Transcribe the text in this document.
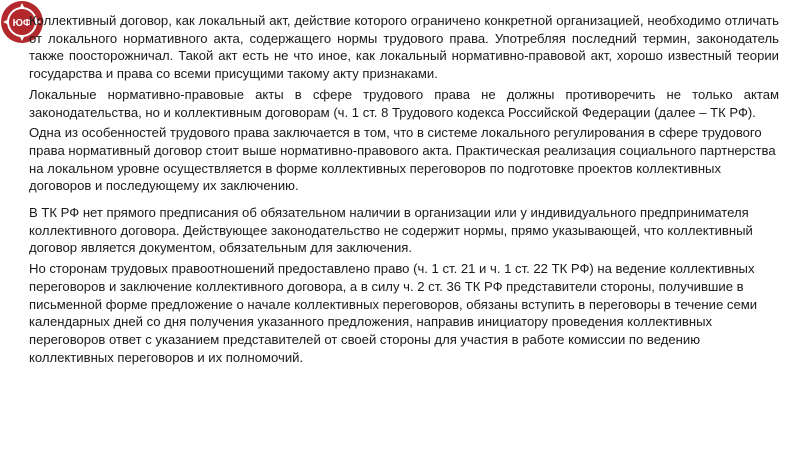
ЮФ

Коллективный договор, как локальный акт, действие которого ограничено конкретной организацией, необходимо отличать от локального нормативного акта, содержащего нормы трудового права. Употребляя последний термин, законодатель также поосторожничал. Такой акт есть не что иное, как локальный нормативно-правовой акт, хорошо известный теории государства и права со всеми присущими такому акту признаками.

Локальные нормативно-правовые акты в сфере трудового права не должны противоречить не только актам законодательства, но и коллективным договорам (ч. 1 ст. 8 Трудового кодекса Российской Федерации (далее – ТК РФ).

Одна из особенностей трудового права заключается в том, что в системе локального регулирования в сфере трудового права нормативный договор стоит выше нормативно-правового акта. Практическая реализация социального партнерства на локальном уровне осуществляется в форме коллективных переговоров по подготовке проектов коллективных договоров и последующему их заключению.

В ТК РФ нет прямого предписания об обязательном наличии в организации или у индивидуального предпринимателя коллективного договора. Действующее законодательство не содержит нормы, прямо указывающей, что коллективный договор является документом, обязательным для заключения.

Но сторонам трудовых правоотношений предоставлено право (ч. 1 ст. 21 и ч. 1 ст. 22 ТК РФ) на ведение коллективных переговоров и заключение коллективного договора, а в силу ч. 2 ст. 36 ТК РФ представители стороны, получившие в письменной форме предложение о начале коллективных переговоров, обязаны вступить в переговоры в течение семи календарных дней со дня получения указанного предложения, направив инициатору проведения коллективных переговоров ответ с указанием представителей от своей стороны для участия в работе комиссии по ведению коллективных переговоров и их полномочий.
